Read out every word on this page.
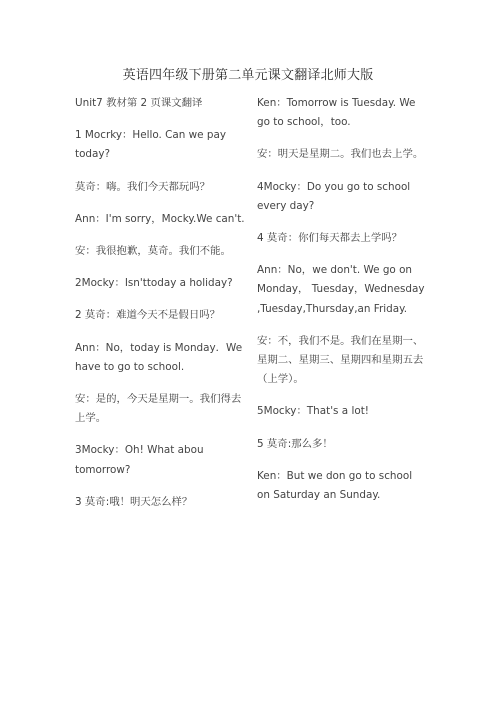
英语四年级下册第二单元课文翻译北师大版

Unit7 教材第 2 页课文翻译

1 Mocrky：Hello. Can we pay today?

莫奇：嗨。我们今天都玩吗？

Ann：I'm sorry，Mocky.We can't.

安：我很抱歉，莫奇。我们不能。

2Mocky：Isn'ttoday a holiday?

2 莫奇：难道今天不是假日吗？

Ann：No，today is Monday．We have to go to school.

安：是的，今天是星期一。我们得去上学。

3Mocky：Oh! What abou tomorrow?

3 莫奇:哦！明天怎么样？

Ken：Tomorrow is Tuesday. We go to school，too.

安：明天是星期二。我们也去上学。

4Mocky：Do you go to school every day?

4 莫奇：你们每天都去上学吗？

Ann：No，we don't. We go on Monday， Tuesday，Wednesday ,Tuesday,Thursday,an Friday.

安：不，我们不是。我们在星期一、星期二、星期三、星期四和星期五去（上学）。

5Mocky：That's a lot!

5 莫奇:那么多！

Ken：But we don go to school on Saturday an Sunday.
